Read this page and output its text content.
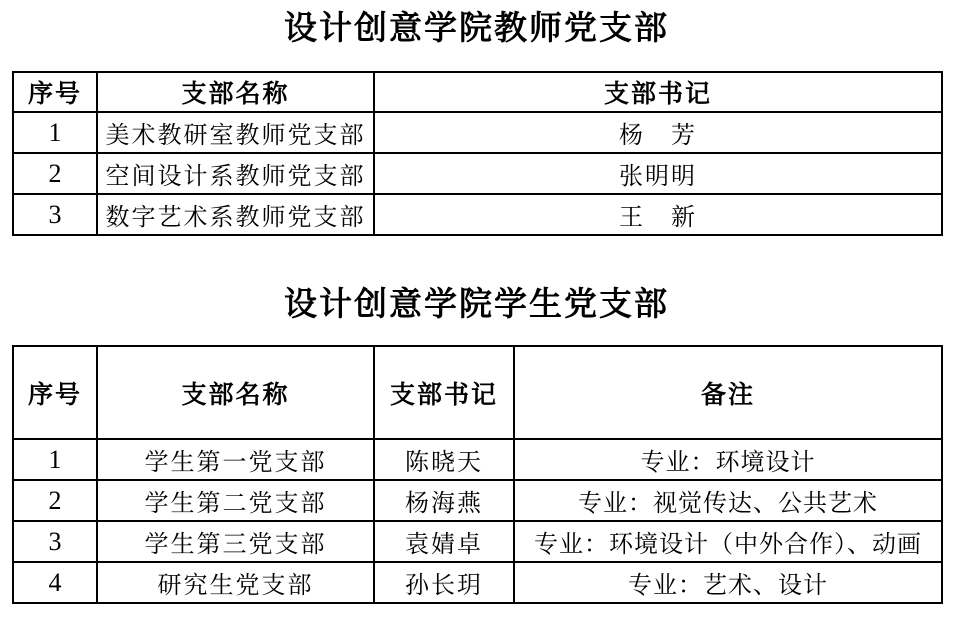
设计创意学院教师党支部
序号	支部名称	支部书记
1	美术教研室教师党支部	杨　芳
2	空间设计系教师党支部	张明明
3	数字艺术系教师党支部	王　新
设计创意学院学生党支部
序号	支部名称	支部书记	备注
1	学生第一党支部	陈晓天	专业：环境设计
2	学生第二党支部	杨海燕	专业：视觉传达、公共艺术
3	学生第三党支部	袁婧卓	专业：环境设计（中外合作）、动画
4	研究生党支部	孙长玥	专业：艺术、设计
